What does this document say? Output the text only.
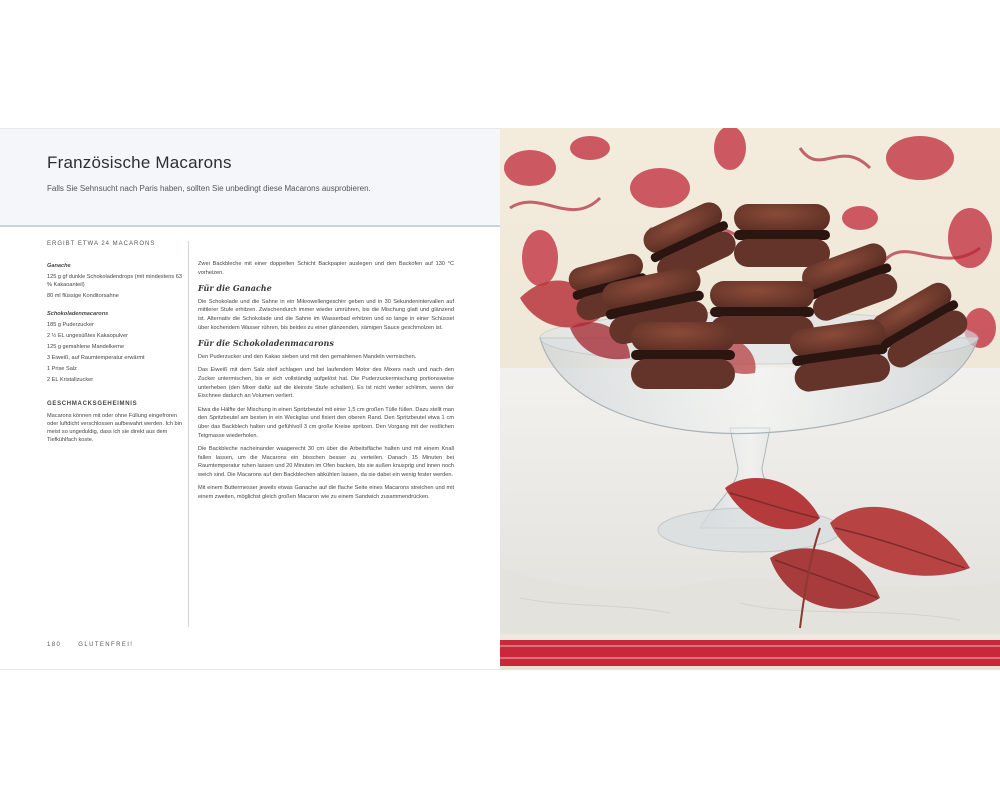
Französische Macarons
Falls Sie Sehnsucht nach Paris haben, sollten Sie unbedingt diese Macarons ausprobieren.
ERGIBT ETWA 24 MACARONS
Ganache
125 g gf dunkle Schokoladendrops (mit mindestens 63 % Kakaoanteil)
80 ml flüssige Konditorsahne
Schokoladenmacarons
185 g Puderzucker
2 ½ EL ungesüßtes Kakaopulver
125 g gemahlene Mandelkerne
3 Eiweiß, auf Raumtemperatur erwärmt
1 Prise Salz
2 EL Kristallzucker
GESCHMACKSGEHEIMNIS
Macarons können mit oder ohne Füllung eingefroren oder luftdicht verschlossen aufbewahrt werden. Ich bin meist so ungeduldig, dass ich sie direkt aus dem Tiefkühlfach koste.

Zwei Backbleche mit einer doppelten Schicht Backpapier auslegen und den Backofen auf 130 °C vorheizen.

Für die Ganache

Die Schokolade und die Sahne in ein Mikrowellengeschirr geben und in 30 Sekundenintervallen auf mittlerer Stufe erhitzen. Zwischendurch immer wieder umrühren, bis die Mischung glatt und glänzend ist. Alternativ die Schokolade und die Sahne im Wasserbad erhitzen und so lange in einer Schüssel über kochendem Wasser rühren, bis beides zu einer glänzenden, sämigen Sauce geschmolzen ist.

Für die Schokoladenmacarons

Den Puderzucker und den Kakao sieben und mit den gemahlenen Mandeln vermischen.

Das Eiweiß mit dem Salz steif schlagen und bei laufendem Motor des Mixers nach und nach den Zucker untermischen, bis er sich vollständig aufgelöst hat. Die Puderzuckermischung portionsweise unterheben (den Mixer dafür auf die kleinste Stufe schalten). Es ist nicht weiter schlimm, wenn der Eischnee dadurch an Volumen verliert.

Etwa die Hälfte der Mischung in einen Spritzbeutel mit einer 1,5 cm großen Tülle füllen. Dazu stellt man den Spritzbeutel am besten in ein Weckglas und fixiert den oberen Rand. Den Spritzbeutel etwa 1 cm über das Backblech halten und gefühlvoll 3 cm große Kreise spritzen. Den Vorgang mit der restlichen Teigmasse wiederholen.

Die Backbleche nacheinander waagerecht 30 cm über die Arbeitsfläche halten und mit einem Knall fallen lassen, um die Macarons ein bisschen besser zu verteilen. Danach 15 Minuten bei Raumtemperatur ruhen lassen und 20 Minuten im Ofen backen, bis sie außen knusprig und innen noch weich sind. Die Macarons auf den Backblechen abkühlen lassen, da sie dabei ein wenig fester werden.

Mit einem Buttermesser jeweils etwas Ganache auf die flache Seite eines Macarons streichen und mit einem zweiten, möglichst gleich großen Macaron wie zu einem Sandwich zusammendrücken.

180	GLUTENFREI!
